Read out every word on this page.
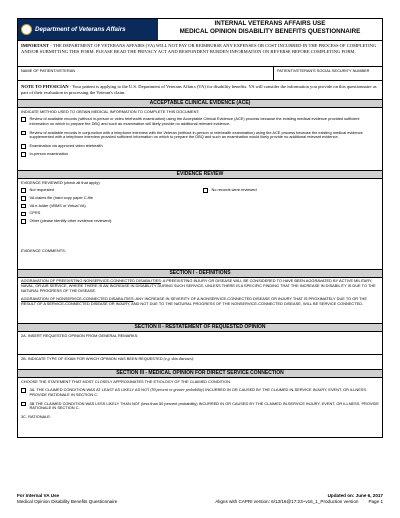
Department of Veterans Affairs
INTERNAL VETERANS AFFAIRS USE
MEDICAL OPINION DISABILITY BENEFITS QUESTIONNAIRE
IMPORTANT - THE DEPARTMENT OF VETERANS AFFAIRS (VA) WILL NOT PAY OR REIMBURSE ANY EXPENSES OR COST INCURRED IN THE PROCESS OF COMPLETING AND/OR SUBMITTING THIS FORM. PLEASE READ THE PRIVACY ACT AND RESPONDENT BURDEN INFORMATION ON REVERSE BEFORE COMPLETING FORM.
NAME OF PATIENT/VETERAN	PATIENT/VETERAN'S SOCIAL SECURITY NUMBER
NOTE TO PHYSICIAN - Your patient is applying to the U.S. Department of Veterans Affairs (VA) for disability benefits. VA will consider the information you provide on this questionnaire as part of their evaluation in processing the Veteran's claim.
ACCEPTABLE CLINICAL EVIDENCE (ACE)
INDICATE METHOD USED TO OBTAIN MEDICAL INFORMATION TO COMPLETE THIS DOCUMENT:
Review of available records (without in-person or video telehealth examination) using the Acceptable Clinical Evidence (ACE) process because the existing medical evidence provided sufficient information on which to prepare the DBQ and such an examination will likely provide no additional relevant evidence.
Review of available records in conjunction with a telephone interview with the Veteran (without in-person or telehealth examination) using the ACE process because the existing medical evidence supplemented with a telephone interview provided sufficient information on which to prepare the DBQ and such an examination would likely provide no additional relevant evidence.
Examination via approved video telehealth
In-person examination
EVIDENCE REVIEW
EVIDENCE REVIEWED (check all that apply):
Not requested
VA claims file (hard copy paper C-file
VA e-folder (VBMS or Virtual VA)
CPRS
Other (please identify other evidence reviewed):
No records were reviewed
EVIDENCE COMMENTS:
SECTION I - DEFINITIONS
AGGRAVATION OF PREEXISTING NONSERVICE-CONNECTED DISABILITIES: A PREEXISTING INJURY OR DISEASE WILL BE CONSIDERED TO HAVE BEEN AGGRAVATED BY ACTIVE MILITARY, NAVAL, OR AIR SERVICE, WHERE THERE IS AN INCREASE IN DISABILITY DURING SUCH SERVICE, UNLESS THERE IS A SPECIFIC FINDING THAT THE INCREASE IN DISABILITY IS DUE TO THE NATURAL PROGRESS OF THE DISEASE.
AGGRAVATION OF NONSERVICE-CONNECTED DISABILITIES: ANY INCREASE IN SEVERITY OF A NONSERVICE-CONNECTED DISEASE OR INJURY THAT IS PROXIMATELY DUE TO OR THE RESULT OF A SERVICE-CONNECTED DISEASE OR INJURY, AND NOT DUE TO THE NATURAL PROGRESS OF THE NONSERVICE-CONNECTED DISEASE, WILL BE SERVICE CONNECTED.
SECTION II - RESTATEMENT OF REQUESTED OPINION
2A. INSERT REQUESTED OPINION FROM GENERAL REMARKS:
2B. INDICATE TYPE OF EXAM FOR WHICH OPINION HAS BEEN REQUESTED (e.g. skin diseases):
SECTION III - MEDICAL OPINION FOR DIRECT SERVICE CONNECTION
CHOOSE THE STATEMENT THAT MOST CLOSELY APPROXIMATES THE ETIOLOGY OF THE CLAIMED CONDITION.
3A. THE CLAIMED CONDITION WAS AT LEAST AS LIKELY AS NOT (50 percent or greater probability) INCURRED IN OR CAUSED BY THE CLAIMED IN-SERVICE INJURY, EVENT, OR ILLNESS. PROVIDE RATIONALE IN SECTION C.
3B.THE CLAIMED CONDITION WAS LESS LIKELY THAN NOT (less than 50 percent probability) INCURRED IN OR CAUSED BY THE CLAIMED IN-SERVICE INJURY, EVENT, OR ILLNESS. PROVIDE RATIONALE IN SECTION C.
3C. RATIONALE:
For Internal VA Use
Medical Opinion Disability Benefits Questionnaire
Updated on: June 6, 2017
Aligns with CAPRI version: 6/13/16@17:23~v16_1_Production version Page 1
